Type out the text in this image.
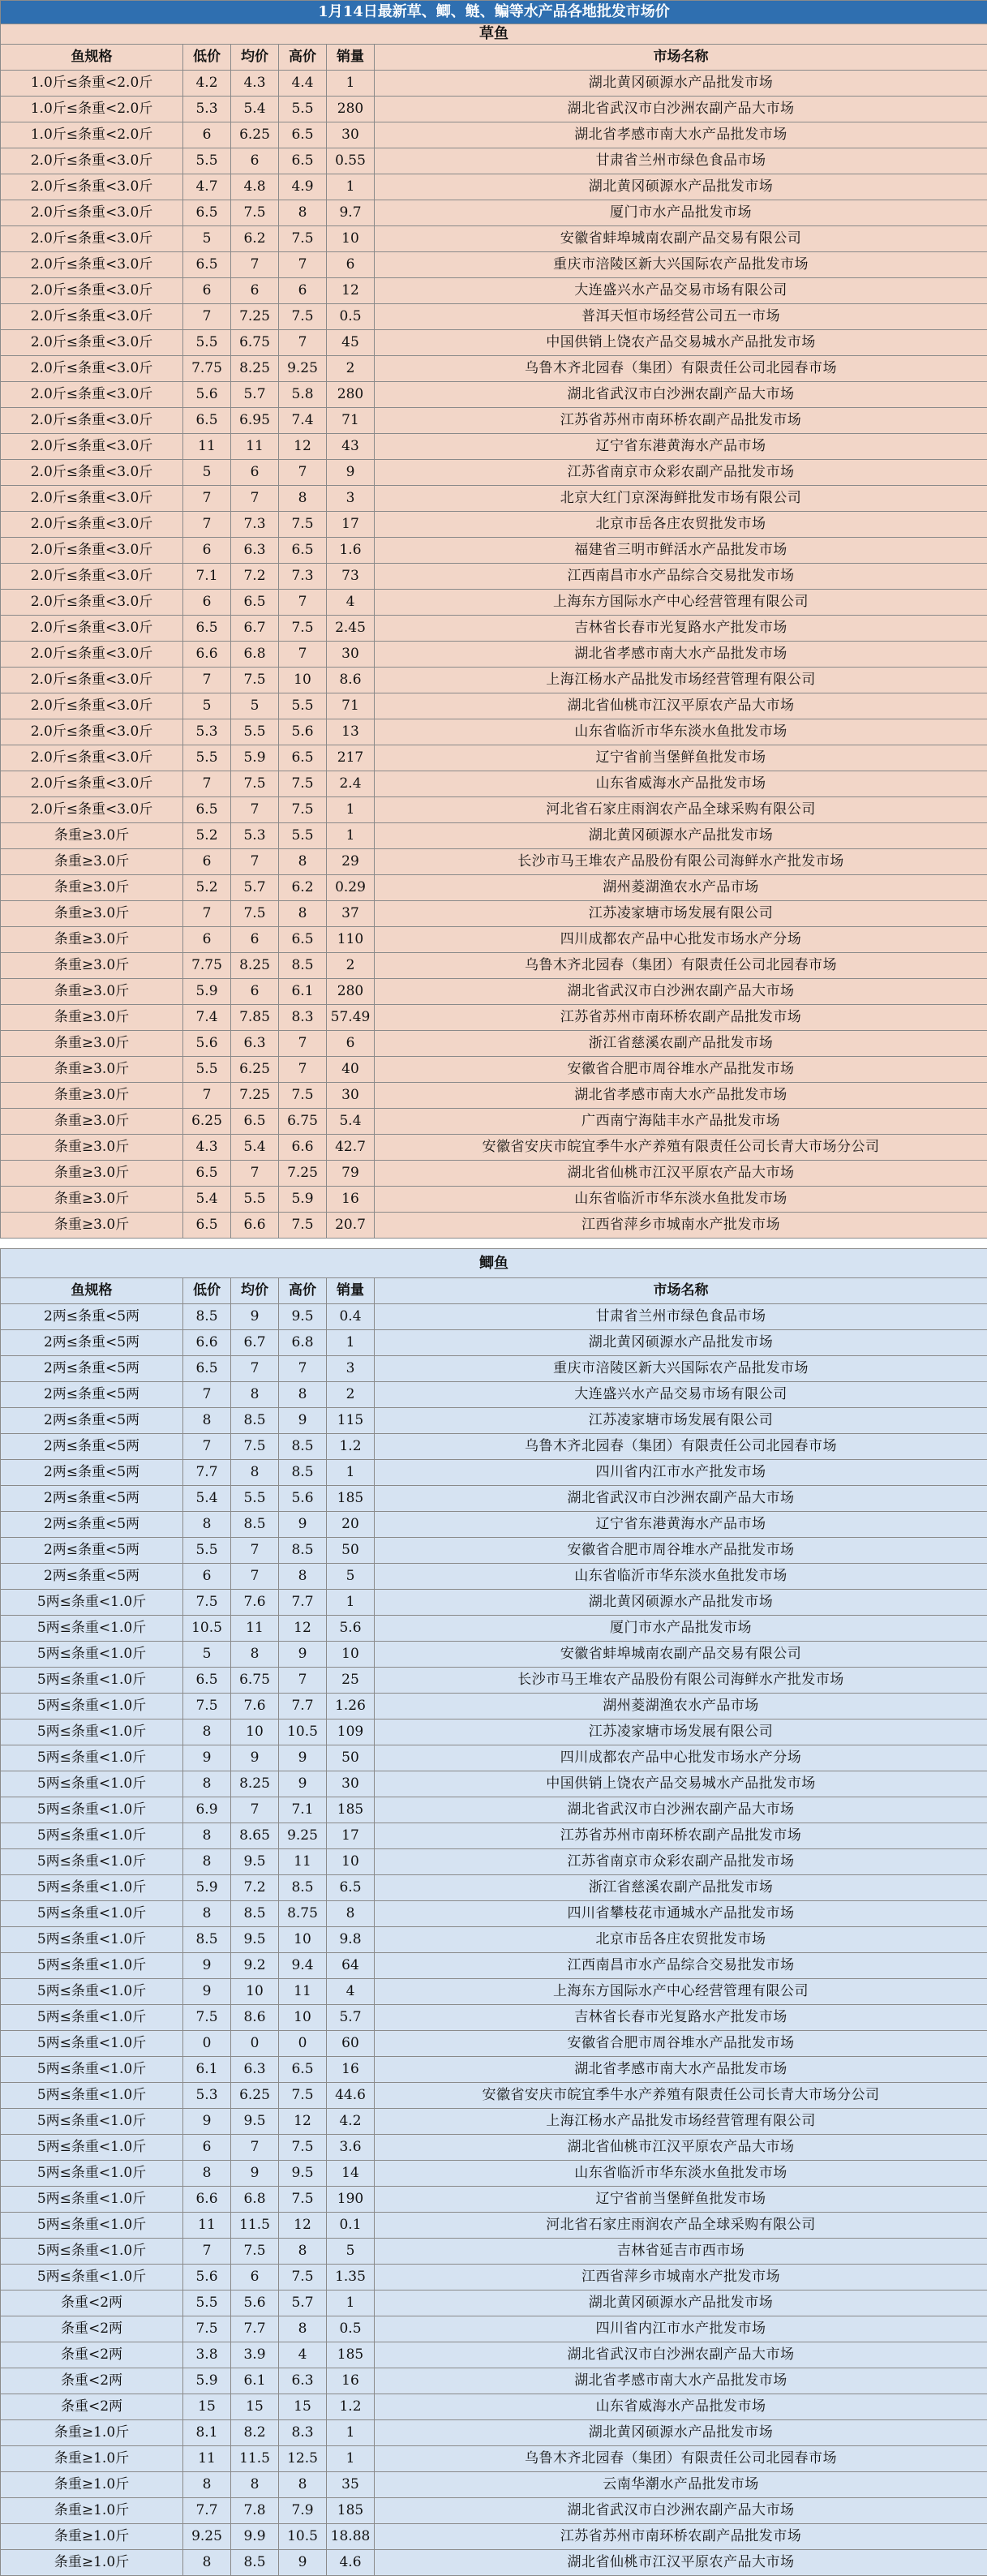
1月14日最新草、鲫、鲢、鳊等水产品各地批发市场价					
草鱼					
鱼规格	低价	均价	高价	销量	市场名称
1.0斤≤条重<2.0斤	4.2	4.3	4.4	1	湖北黄冈硕源水产品批发市场
1.0斤≤条重<2.0斤	5.3	5.4	5.5	280	湖北省武汉市白沙洲农副产品大市场
1.0斤≤条重<2.0斤	6	6.25	6.5	30	湖北省孝感市南大水产品批发市场
2.0斤≤条重<3.0斤	5.5	6	6.5	0.55	甘肃省兰州市绿色食品市场
2.0斤≤条重<3.0斤	4.7	4.8	4.9	1	湖北黄冈硕源水产品批发市场
2.0斤≤条重<3.0斤	6.5	7.5	8	9.7	厦门市水产品批发市场
2.0斤≤条重<3.0斤	5	6.2	7.5	10	安徽省蚌埠城南农副产品交易有限公司
2.0斤≤条重<3.0斤	6.5	7	7	6	重庆市涪陵区新大兴国际农产品批发市场
2.0斤≤条重<3.0斤	6	6	6	12	大连盛兴水产品交易市场有限公司
2.0斤≤条重<3.0斤	7	7.25	7.5	0.5	普洱天恒市场经营公司五一市场
2.0斤≤条重<3.0斤	5.5	6.75	7	45	中国供销上饶农产品交易城水产品批发市场
2.0斤≤条重<3.0斤	7.75	8.25	9.25	2	乌鲁木齐北园春（集团）有限责任公司北园春市场
2.0斤≤条重<3.0斤	5.6	5.7	5.8	280	湖北省武汉市白沙洲农副产品大市场
2.0斤≤条重<3.0斤	6.5	6.95	7.4	71	江苏省苏州市南环桥农副产品批发市场
2.0斤≤条重<3.0斤	11	11	12	43	辽宁省东港黄海水产品市场
2.0斤≤条重<3.0斤	5	6	7	9	江苏省南京市众彩农副产品批发市场
2.0斤≤条重<3.0斤	7	7	8	3	北京大红门京深海鲜批发市场有限公司
2.0斤≤条重<3.0斤	7	7.3	7.5	17	北京市岳各庄农贸批发市场
2.0斤≤条重<3.0斤	6	6.3	6.5	1.6	福建省三明市鲜活水产品批发市场
2.0斤≤条重<3.0斤	7.1	7.2	7.3	73	江西南昌市水产品综合交易批发市场
2.0斤≤条重<3.0斤	6	6.5	7	4	上海东方国际水产中心经营管理有限公司
2.0斤≤条重<3.0斤	6.5	6.7	7.5	2.45	吉林省长春市光复路水产批发市场
2.0斤≤条重<3.0斤	6.6	6.8	7	30	湖北省孝感市南大水产品批发市场
2.0斤≤条重<3.0斤	7	7.5	10	8.6	上海江杨水产品批发市场经营管理有限公司
2.0斤≤条重<3.0斤	5	5	5.5	71	湖北省仙桃市江汉平原农产品大市场
2.0斤≤条重<3.0斤	5.3	5.5	5.6	13	山东省临沂市华东淡水鱼批发市场
2.0斤≤条重<3.0斤	5.5	5.9	6.5	217	辽宁省前当堡鲜鱼批发市场
2.0斤≤条重<3.0斤	7	7.5	7.5	2.4	山东省威海水产品批发市场
2.0斤≤条重<3.0斤	6.5	7	7.5	1	河北省石家庄雨润农产品全球采购有限公司
条重≥3.0斤	5.2	5.3	5.5	1	湖北黄冈硕源水产品批发市场
条重≥3.0斤	6	7	8	29	长沙市马王堆农产品股份有限公司海鲜水产批发市场
条重≥3.0斤	5.2	5.7	6.2	0.29	湖州菱湖渔农水产品市场
条重≥3.0斤	7	7.5	8	37	江苏凌家塘市场发展有限公司
条重≥3.0斤	6	6	6.5	110	四川成都农产品中心批发市场水产分场
条重≥3.0斤	7.75	8.25	8.5	2	乌鲁木齐北园春（集团）有限责任公司北园春市场
条重≥3.0斤	5.9	6	6.1	280	湖北省武汉市白沙洲农副产品大市场
条重≥3.0斤	7.4	7.85	8.3	57.49	江苏省苏州市南环桥农副产品批发市场
条重≥3.0斤	5.6	6.3	7	6	浙江省慈溪农副产品批发市场
条重≥3.0斤	5.5	6.25	7	40	安徽省合肥市周谷堆水产品批发市场
条重≥3.0斤	7	7.25	7.5	30	湖北省孝感市南大水产品批发市场
条重≥3.0斤	6.25	6.5	6.75	5.4	广西南宁海陆丰水产品批发市场
条重≥3.0斤	4.3	5.4	6.6	42.7	安徽省安庆市皖宜季牛水产养殖有限责任公司长青大市场分公司
条重≥3.0斤	6.5	7	7.25	79	湖北省仙桃市江汉平原农产品大市场
条重≥3.0斤	5.4	5.5	5.9	16	山东省临沂市华东淡水鱼批发市场
条重≥3.0斤	6.5	6.6	7.5	20.7	江西省萍乡市城南水产批发市场

鲫鱼					
鱼规格	低价	均价	高价	销量	市场名称
2两≤条重<5两	8.5	9	9.5	0.4	甘肃省兰州市绿色食品市场
2两≤条重<5两	6.6	6.7	6.8	1	湖北黄冈硕源水产品批发市场
2两≤条重<5两	6.5	7	7	3	重庆市涪陵区新大兴国际农产品批发市场
2两≤条重<5两	7	8	8	2	大连盛兴水产品交易市场有限公司
2两≤条重<5两	8	8.5	9	115	江苏凌家塘市场发展有限公司
2两≤条重<5两	7	7.5	8.5	1.2	乌鲁木齐北园春（集团）有限责任公司北园春市场
2两≤条重<5两	7.7	8	8.5	1	四川省内江市水产批发市场
2两≤条重<5两	5.4	5.5	5.6	185	湖北省武汉市白沙洲农副产品大市场
2两≤条重<5两	8	8.5	9	20	辽宁省东港黄海水产品市场
2两≤条重<5两	5.5	7	8.5	50	安徽省合肥市周谷堆水产品批发市场
2两≤条重<5两	6	7	8	5	山东省临沂市华东淡水鱼批发市场
5两≤条重<1.0斤	7.5	7.6	7.7	1	湖北黄冈硕源水产品批发市场
5两≤条重<1.0斤	10.5	11	12	5.6	厦门市水产品批发市场
5两≤条重<1.0斤	5	8	9	10	安徽省蚌埠城南农副产品交易有限公司
5两≤条重<1.0斤	6.5	6.75	7	25	长沙市马王堆农产品股份有限公司海鲜水产批发市场
5两≤条重<1.0斤	7.5	7.6	7.7	1.26	湖州菱湖渔农水产品市场
5两≤条重<1.0斤	8	10	10.5	109	江苏凌家塘市场发展有限公司
5两≤条重<1.0斤	9	9	9	50	四川成都农产品中心批发市场水产分场
5两≤条重<1.0斤	8	8.25	9	30	中国供销上饶农产品交易城水产品批发市场
5两≤条重<1.0斤	6.9	7	7.1	185	湖北省武汉市白沙洲农副产品大市场
5两≤条重<1.0斤	8	8.65	9.25	17	江苏省苏州市南环桥农副产品批发市场
5两≤条重<1.0斤	8	9.5	11	10	江苏省南京市众彩农副产品批发市场
5两≤条重<1.0斤	5.9	7.2	8.5	6.5	浙江省慈溪农副产品批发市场
5两≤条重<1.0斤	8	8.5	8.75	8	四川省攀枝花市通城水产品批发市场
5两≤条重<1.0斤	8.5	9.5	10	9.8	北京市岳各庄农贸批发市场
5两≤条重<1.0斤	9	9.2	9.4	64	江西南昌市水产品综合交易批发市场
5两≤条重<1.0斤	9	10	11	4	上海东方国际水产中心经营管理有限公司
5两≤条重<1.0斤	7.5	8.6	10	5.7	吉林省长春市光复路水产批发市场
5两≤条重<1.0斤	0	0	0	60	安徽省合肥市周谷堆水产品批发市场
5两≤条重<1.0斤	6.1	6.3	6.5	16	湖北省孝感市南大水产品批发市场
5两≤条重<1.0斤	5.3	6.25	7.5	44.6	安徽省安庆市皖宜季牛水产养殖有限责任公司长青大市场分公司
5两≤条重<1.0斤	9	9.5	12	4.2	上海江杨水产品批发市场经营管理有限公司
5两≤条重<1.0斤	6	7	7.5	3.6	湖北省仙桃市江汉平原农产品大市场
5两≤条重<1.0斤	8	9	9.5	14	山东省临沂市华东淡水鱼批发市场
5两≤条重<1.0斤	6.6	6.8	7.5	190	辽宁省前当堡鲜鱼批发市场
5两≤条重<1.0斤	11	11.5	12	0.1	河北省石家庄雨润农产品全球采购有限公司
5两≤条重<1.0斤	7	7.5	8	5	吉林省延吉市西市场
5两≤条重<1.0斤	5.6	6	7.5	1.35	江西省萍乡市城南水产批发市场
条重<2两	5.5	5.6	5.7	1	湖北黄冈硕源水产品批发市场
条重<2两	7.5	7.7	8	0.5	四川省内江市水产批发市场
条重<2两	3.8	3.9	4	185	湖北省武汉市白沙洲农副产品大市场
条重<2两	5.9	6.1	6.3	16	湖北省孝感市南大水产品批发市场
条重<2两	15	15	15	1.2	山东省威海水产品批发市场
条重≥1.0斤	8.1	8.2	8.3	1	湖北黄冈硕源水产品批发市场
条重≥1.0斤	11	11.5	12.5	1	乌鲁木齐北园春（集团）有限责任公司北园春市场
条重≥1.0斤	8	8	8	35	云南华潮水产品批发市场
条重≥1.0斤	7.7	7.8	7.9	185	湖北省武汉市白沙洲农副产品大市场
条重≥1.0斤	9.25	9.9	10.5	18.88	江苏省苏州市南环桥农副产品批发市场
条重≥1.0斤	8	8.5	9	4.6	湖北省仙桃市江汉平原农产品大市场
